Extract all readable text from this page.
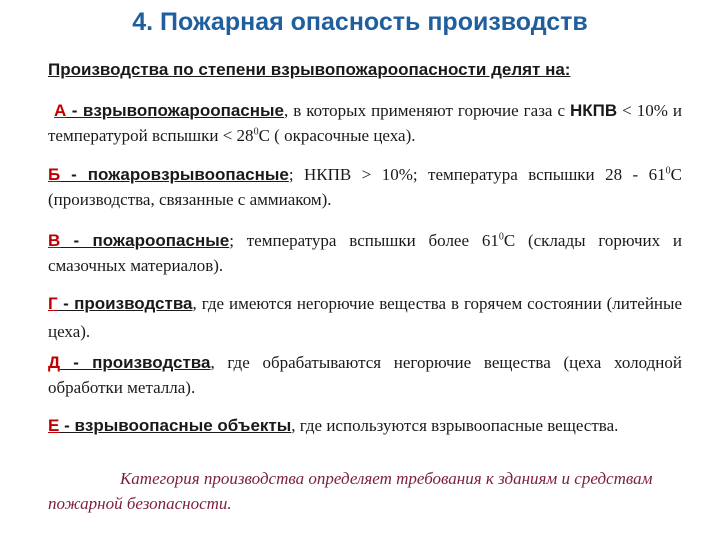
4. Пожарная опасность производств
Производства по степени взрывопожароопасности делят на:
А - взрывопожароопасные, в которых применяют горючие газа с НКПВ < 10% и температурой вспышки < $28^0С$ ( окрасочные цеха).
Б - пожаровзрывоопасные; НКПВ > 10%; температура вспышки $28 - 61^0С$ (производства, связанные с аммиаком).
В - пожароопасные; температура вспышки более $61^0С$ (склады горючих и смазочных материалов).
Г - производства, где имеются негорючие вещества в горячем состоянии (литейные цеха).
Д - производства, где обрабатываются негорючие вещества (цеха холодной обработки металла).
Е - взрывоопасные объекты, где используются взрывоопасные вещества.
Категория производства определяет требования к зданиям и средствам пожарной безопасности.
